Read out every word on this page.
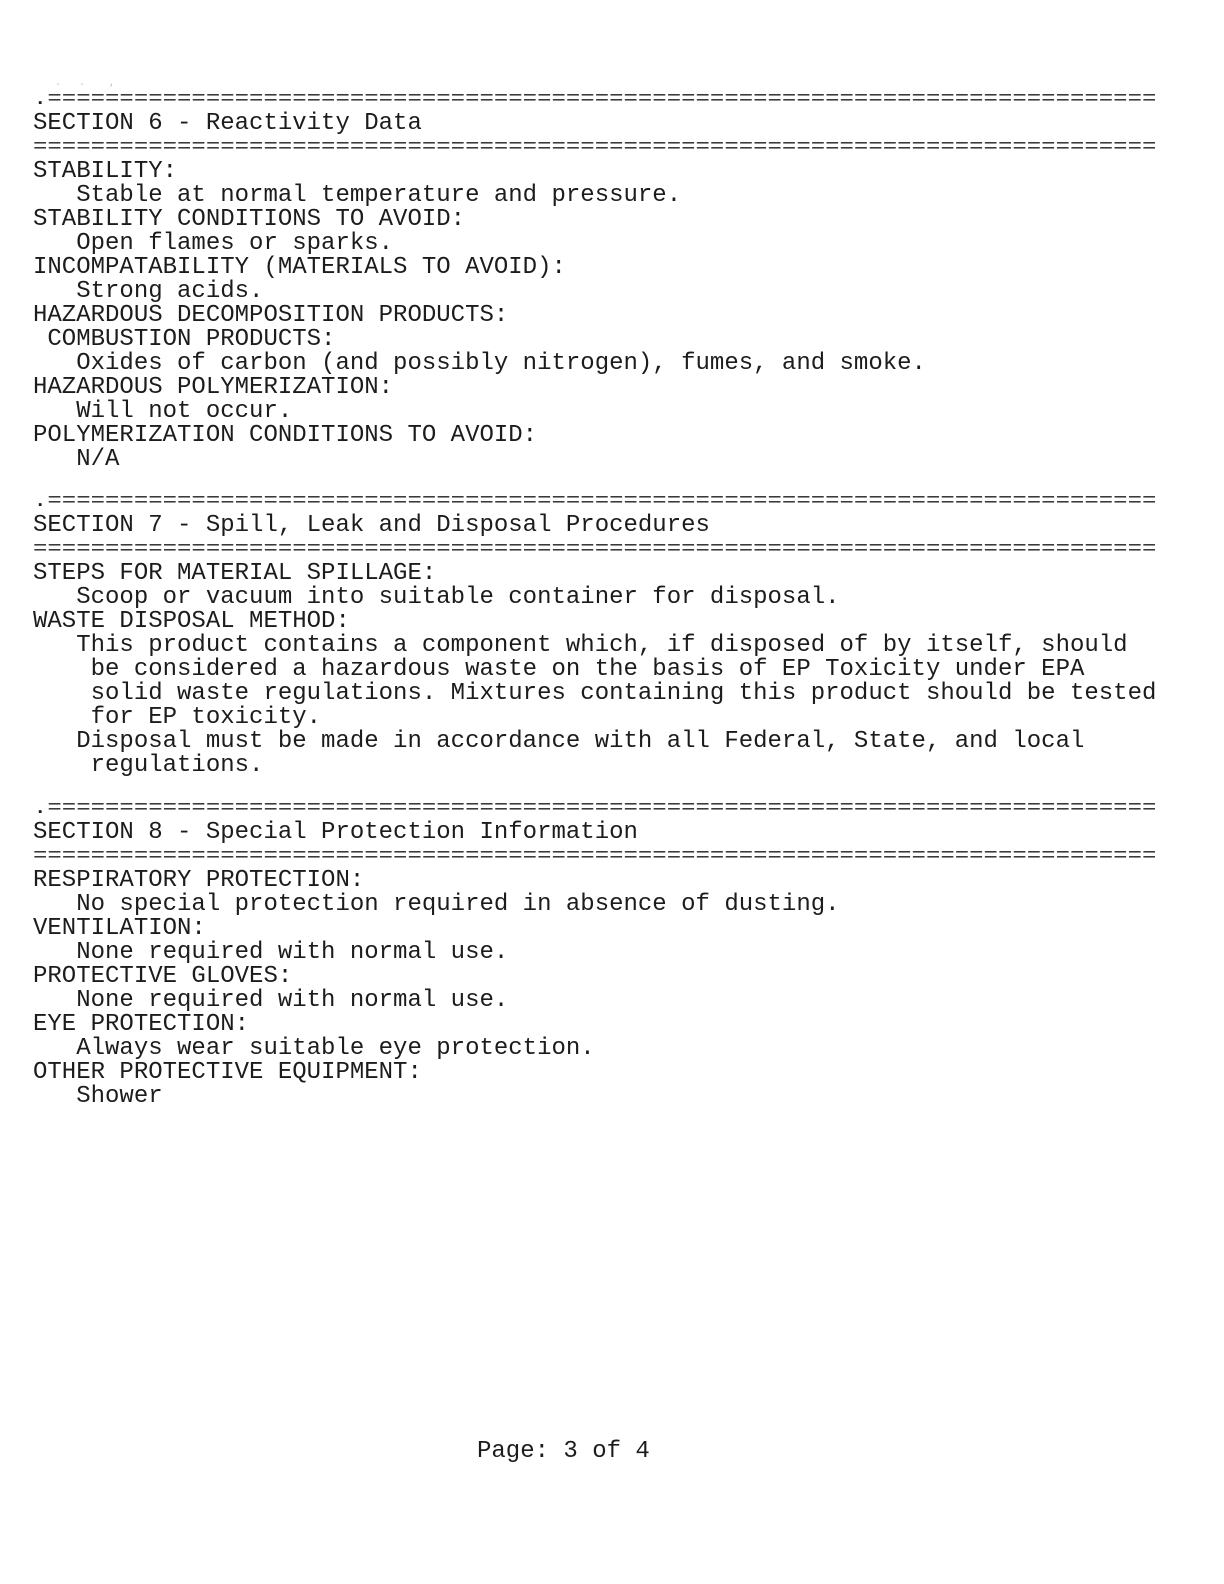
.   .    ,
.=============================================================================
SECTION 6 - Reactivity Data
==============================================================================
STABILITY:
Stable at normal temperature and pressure.
STABILITY CONDITIONS TO AVOID:
Open flames or sparks.
INCOMPATABILITY (MATERIALS TO AVOID):
Strong acids.
HAZARDOUS DECOMPOSITION PRODUCTS:
COMBUSTION PRODUCTS:
Oxides of carbon (and possibly nitrogen), fumes, and smoke.
HAZARDOUS POLYMERIZATION:
Will not occur.
POLYMERIZATION CONDITIONS TO AVOID:
N/A
.=============================================================================
SECTION 7 - Spill, Leak and Disposal Procedures
==============================================================================
STEPS FOR MATERIAL SPILLAGE:
Scoop or vacuum into suitable container for disposal.
WASTE DISPOSAL METHOD:
This product contains a component which, if disposed of by itself, should
be considered a hazardous waste on the basis of EP Toxicity under EPA
solid waste regulations. Mixtures containing this product should be tested
for EP toxicity.
Disposal must be made in accordance with all Federal, State, and local
regulations.
.=============================================================================
SECTION 8 - Special Protection Information
==============================================================================
RESPIRATORY PROTECTION:
No special protection required in absence of dusting.
VENTILATION:
None required with normal use.
PROTECTIVE GLOVES:
None required with normal use.
EYE PROTECTION:
Always wear suitable eye protection.
OTHER PROTECTIVE EQUIPMENT:
Shower
Page: 3 of 4
